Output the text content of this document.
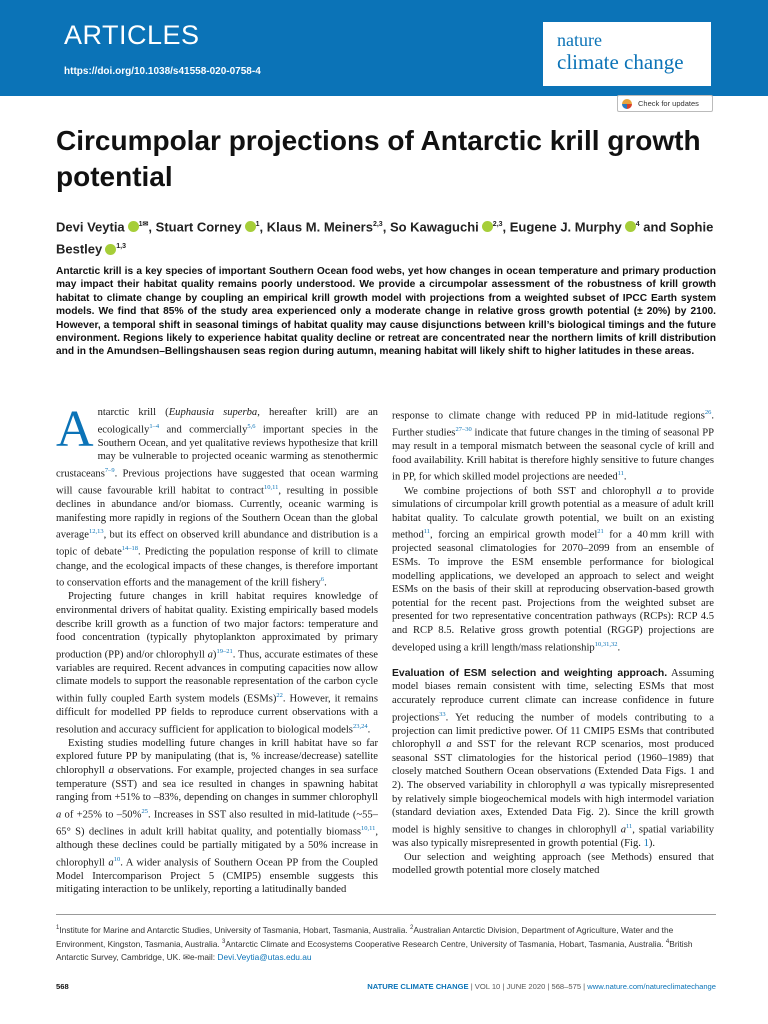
ARTICLES
https://doi.org/10.1038/s41558-020-0758-4
nature
climate change
Check for updates
Circumpolar projections of Antarctic krill growth potential
Devi Veytia $^{1✉}$, Stuart Corney $^1$, Klaus M. Meiners$^{2,3}$, So Kawaguchi $^{2,3}$, Eugene J. Murphy $^4$ and Sophie Bestley $^{1,3}$
Antarctic krill is a key species of important Southern Ocean food webs, yet how changes in ocean temperature and primary production may impact their habitat quality remains poorly understood. We provide a circumpolar assessment of the robustness of krill growth habitat to climate change by coupling an empirical krill growth model with projections from a weighted subset of IPCC Earth system models. We find that 85% of the study area experienced only a moderate change in relative gross growth potential (± 20%) by 2100. However, a temporal shift in seasonal timings of habitat quality may cause disjunctions between krill’s biological timings and the future environment. Regions likely to experience habitat quality decline or retreat are concentrated near the northern limits of krill distribution and in the Amundsen–Bellingshausen seas region during autumn, meaning habitat will likely shift to higher latitudes in these areas.

Antarctic krill (Euphausia superba, hereafter krill) are an ecologically$^{1-4}$ and commercially$^{5,6}$ important species in the Southern Ocean, and yet qualitative reviews hypothesize that krill may be vulnerable to projected oceanic warming as stenothermic crustaceans$^{7-9}$. Previous projections have suggested that ocean warming will cause favourable krill habitat to contract$^{10,11}$, resulting in possible declines in abundance and/or biomass. Currently, oceanic warming is manifesting more rapidly in regions of the Southern Ocean than the global average$^{12,13}$, but its effect on observed krill abundance and distribution is a topic of debate$^{14-18}$. Predicting the population response of krill to climate change, and the ecological impacts of these changes, is therefore important to conservation efforts and the management of the krill fishery$^6$.

Projecting future changes in krill habitat requires knowledge of environmental drivers of habitat quality. Existing empirically based models describe krill growth as a function of two major factors: temperature and food concentration (typically phytoplankton approximated by primary production (PP) and/or chlorophyll a)$^{19-21}$. Thus, accurate estimates of these variables are required. Recent advances in computing capacities now allow climate models to support the reasonable representation of the carbon cycle within fully coupled Earth system models (ESMs)$^{22}$. However, it remains difficult for modelled PP fields to reproduce current observations with a resolution and accuracy sufficient for application to biological models$^{23,24}$.

Existing studies modelling future changes in krill habitat have so far explored future PP by manipulating (that is, % increase/decrease) satellite chlorophyll a observations. For example, projected changes in sea surface temperature (SST) and sea ice resulted in changes in spawning habitat ranging from +51% to –83%, depending on changes in summer chlorophyll a of +25% to –50%$^{25}$. Increases in SST also resulted in mid-latitude (~55–65° S) declines in adult krill habitat quality, and potentially biomass$^{10,11}$, although these declines could be partially mitigated by a 50% increase in chlorophyll a$^{10}$. A wider analysis of Southern Ocean PP from the Coupled Model Intercomparison Project 5 (CMIP5) ensemble suggests this mitigating interaction to be unlikely, reporting a latitudinally banded

response to climate change with reduced PP in mid-latitude regions$^{26}$. Further studies$^{27-30}$ indicate that future changes in the timing of seasonal PP may result in a temporal mismatch between the seasonal cycle of krill and food availability. Krill habitat is therefore highly sensitive to future changes in PP, for which skilled model projections are needed$^{11}$.

We combine projections of both SST and chlorophyll a to provide simulations of circumpolar krill growth potential as a measure of adult krill habitat quality. To calculate growth potential, we built on an existing method$^{11}$, forcing an empirical growth model$^{21}$ for a 40 mm krill with projected seasonal climatologies for 2070–2099 from an ensemble of ESMs. To improve the ESM ensemble performance for biological modelling applications, we developed an approach to select and weight ESMs on the basis of their skill at reproducing observation-based growth potential for the recent past. Projections from the weighted subset are presented for two representative concentration pathways (RCPs): RCP 4.5 and RCP 8.5. Relative gross growth potential (RGGP) projections are developed using a krill length/mass relationship$^{10,31,32}$.

Evaluation of ESM selection and weighting approach. Assuming model biases remain consistent with time, selecting ESMs that most accurately reproduce current climate can increase confidence in future projections$^{33}$. Yet reducing the number of models contributing to a projection can limit predictive power. Of 11 CMIP5 ESMs that contributed chlorophyll a and SST for the relevant RCP scenarios, most produced seasonal SST climatologies for the historical period (1960–1989) that closely matched Southern Ocean observations (Extended Data Figs. 1 and 2). The observed variability in chlorophyll a was typically misrepresented by relatively simple biogeochemical models with high intermodel variation (standard deviation axes, Extended Data Fig. 2). Since the krill growth model is highly sensitive to changes in chlorophyll a$^{11}$, spatial variability was also typically misrepresented in growth potential (Fig. 1).

Our selection and weighting approach (see Methods) ensured that modelled growth potential more closely matched

$^1$Institute for Marine and Antarctic Studies, University of Tasmania, Hobart, Tasmania, Australia. $^2$Australian Antarctic Division, Department of Agriculture, Water and the Environment, Kingston, Tasmania, Australia. $^3$Antarctic Climate and Ecosystems Cooperative Research Centre, University of Tasmania, Hobart, Tasmania, Australia. $^4$British Antarctic Survey, Cambridge, UK. ✉e-mail: Devi.Veytia@utas.edu.au
568	NATURE CLIMATE CHANGE | VOL 10 | JUNE 2020 | 568–575 | www.nature.com/natureclimatechange
